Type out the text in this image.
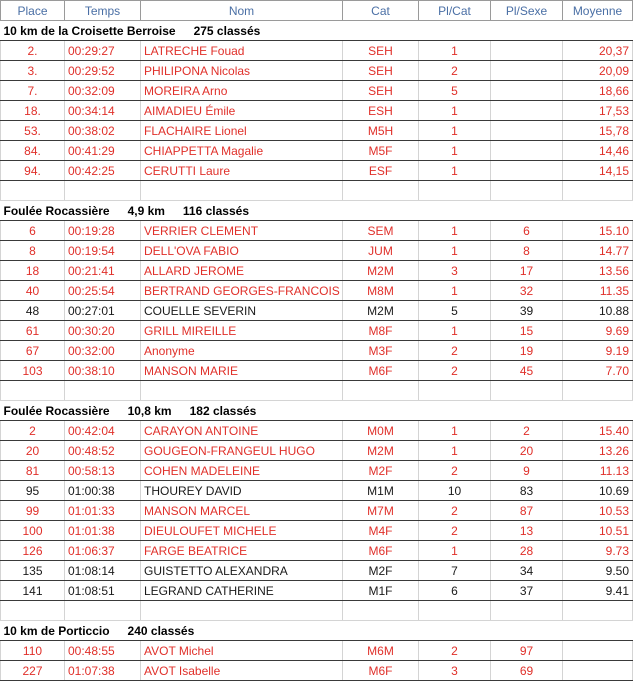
Place	Temps	Nom	Cat	Pl/Cat	Pl/Sexe	Moyenne
10 km de la Croisette Berroise 275 classés						
2.	00:29:27	LATRECHE Fouad	SEH	1		20,37
3.	00:29:52	PHILIPONA Nicolas	SEH	2		20,09
7.	00:32:09	MOREIRA Arno	SEH	5		18,66
18.	00:34:14	AIMADIEU Émile	ESH	1		17,53
53.	00:38:02	FLACHAIRE Lionel	M5H	1		15,78
84.	00:41:29	CHIAPPETTA Magalie	M5F	1		14,46
94.	00:42:25	CERUTTI Laure	ESF	1		14,15

Foulée Rocassière 4,9 km 116 classés						
6	00:19:28	VERRIER CLEMENT	SEM	1	6	15.10
8	00:19:54	DELL'OVA FABIO	JUM	1	8	14.77
18	00:21:41	ALLARD JEROME	M2M	3	17	13.56
40	00:25:54	BERTRAND GEORGES-FRANCOIS	M8M	1	32	11.35
48	00:27:01	COUELLE SEVERIN	M2M	5	39	10.88
61	00:30:20	GRILL MIREILLE	M8F	1	15	9.69
67	00:32:00	Anonyme	M3F	2	19	9.19
103	00:38:10	MANSON MARIE	M6F	2	45	7.70

Foulée Rocassière 10,8 km 182 classés						
2	00:42:04	CARAYON ANTOINE	M0M	1	2	15.40
20	00:48:52	GOUGEON-FRANGEUL HUGO	M2M	1	20	13.26
81	00:58:13	COHEN MADELEINE	M2F	2	9	11.13
95	01:00:38	THOUREY DAVID	M1M	10	83	10.69
99	01:01:33	MANSON MARCEL	M7M	2	87	10.53
100	01:01:38	DIEULOUFET MICHELE	M4F	2	13	10.51
126	01:06:37	FARGE BEATRICE	M6F	1	28	9.73
135	01:08:14	GUISTETTO ALEXANDRA	M2F	7	34	9.50
141	01:08:51	LEGRAND CATHERINE	M1F	6	37	9.41

10 km de Porticcio 240 classés						
110	00:48:55	AVOT Michel	M6M	2	97	
227	01:07:38	AVOT Isabelle	M6F	3	69	
